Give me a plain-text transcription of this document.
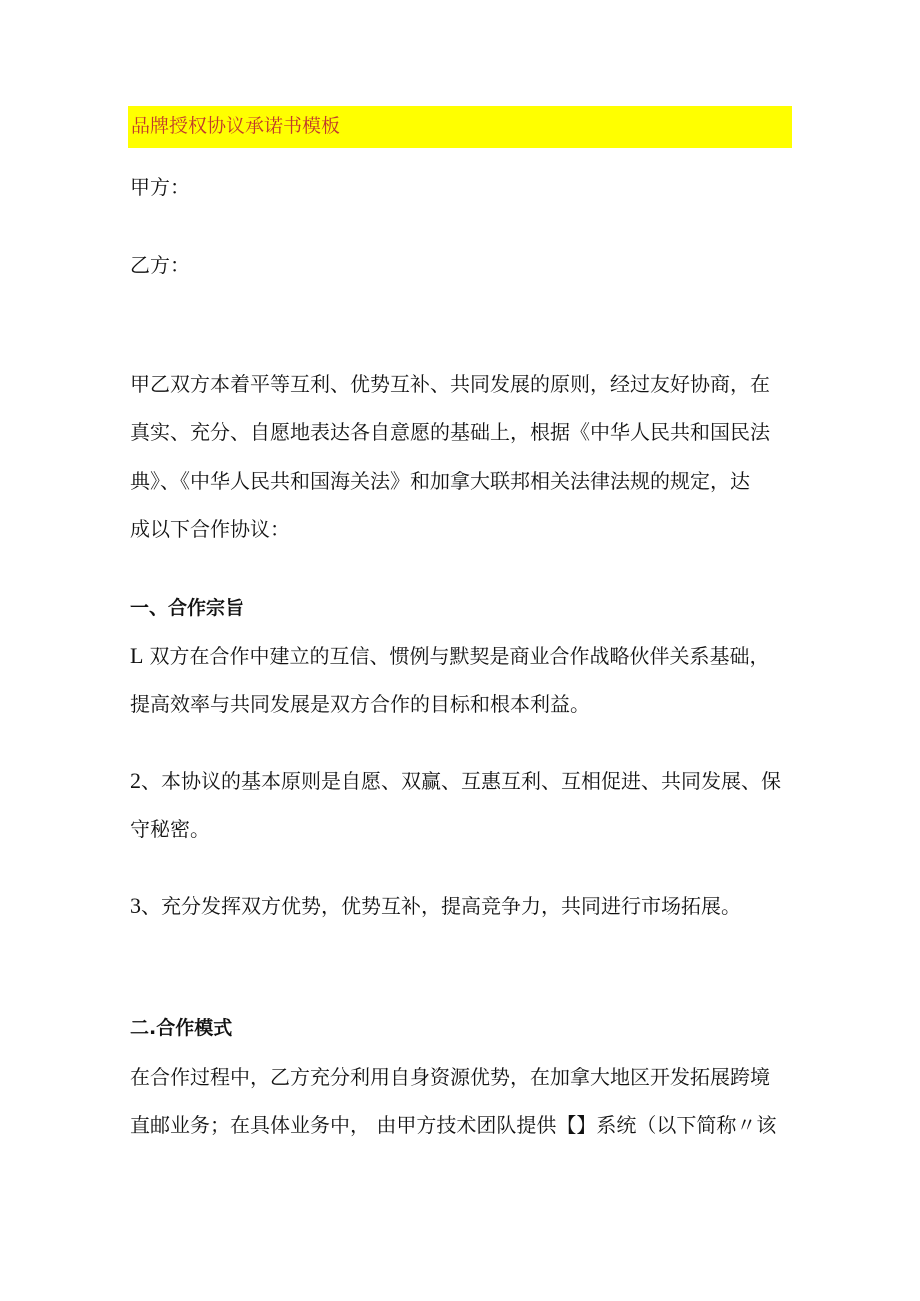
品牌授权协议承诺书模板
甲方：
乙方：
甲乙双方本着平等互利、优势互补、共同发展的原则，经过友好协商，在
真实、充分、自愿地表达各自意愿的基础上，根据《中华人民共和国民法
典》、《中华人民共和国海关法》和加拿大联邦相关法律法规的规定，达
成以下合作协议：
一、合作宗旨
L 双方在合作中建立的互信、惯例与默契是商业合作战略伙伴关系基础，
提高效率与共同发展是双方合作的目标和根本利益。
2、本协议的基本原则是自愿、双赢、互惠互利、互相促进、共同发展、保
守秘密。
3、充分发挥双方优势，优势互补，提高竞争力，共同进行市场拓展。
二.合作模式
在合作过程中，乙方充分利用自身资源优势，在加拿大地区开发拓展跨境
直邮业务；在具体业务中， 由甲方技术团队提供【】系统（以下简称〃该
